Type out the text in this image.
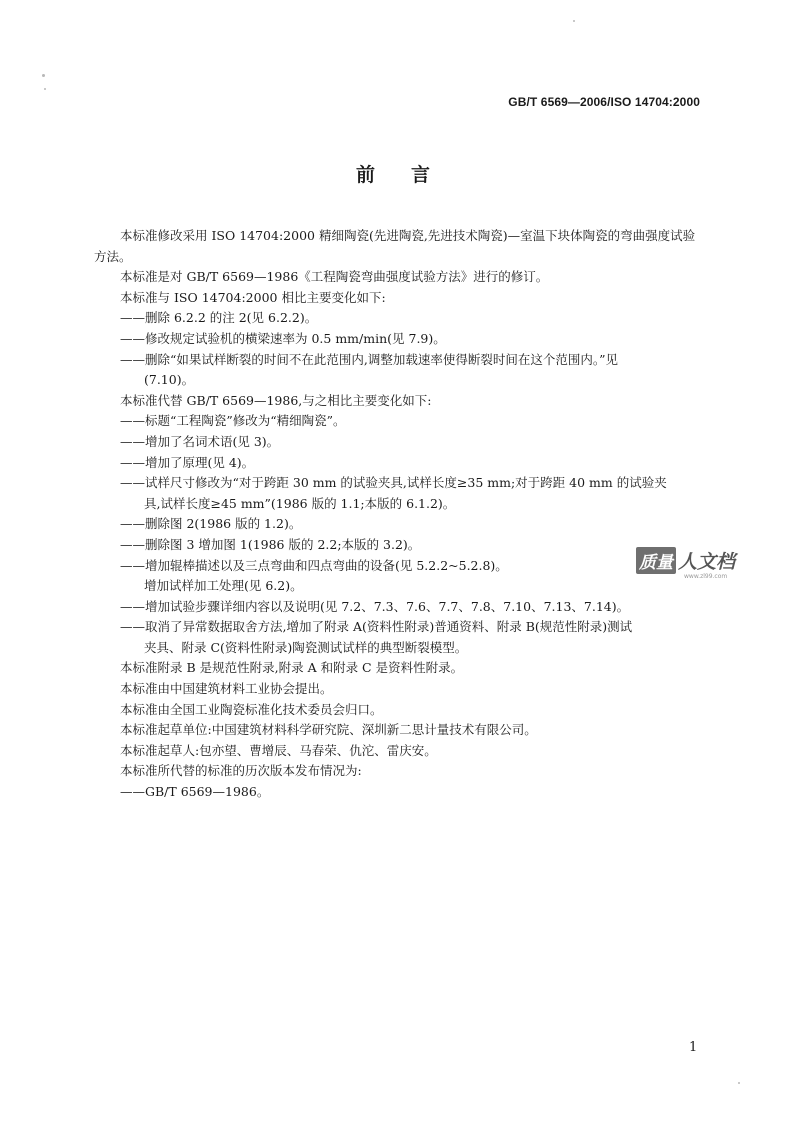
GB/T 6569—2006/ISO 14704:2000
前 言

本标准修改采用 ISO 14704:2000 精细陶瓷(先进陶瓷,先进技术陶瓷)—室温下块体陶瓷的弯曲强度试验方法。

本标准是对 GB/T 6569—1986《工程陶瓷弯曲强度试验方法》进行的修订。

本标准与 ISO 14704:2000 相比主要变化如下:

——删除 6.2.2 的注 2(见 6.2.2)。

——修改规定试验机的横梁速率为 0.5 mm/min(见 7.9)。

——删除“如果试样断裂的时间不在此范围内,调整加载速率使得断裂时间在这个范围内。”见
(7.10)。

本标准代替 GB/T 6569—1986,与之相比主要变化如下:

——标题“工程陶瓷”修改为“精细陶瓷”。

——增加了名词术语(见 3)。

——增加了原理(见 4)。

——试样尺寸修改为“对于跨距 30 mm 的试验夹具,试样长度≥35 mm;对于跨距 40 mm 的试验夹
具,试样长度≥45 mm”(1986 版的 1.1;本版的 6.1.2)。

——删除图 2(1986 版的 1.2)。

——删除图 3 增加图 1(1986 版的 2.2;本版的 3.2)。

——增加辊棒描述以及三点弯曲和四点弯曲的设备(见 5.2.2~5.2.8)。

增加试样加工处理(见 6.2)。

——增加试验步骤详细内容以及说明(见 7.2、7.3、7.6、7.7、7.8、7.10、7.13、7.14)。

——取消了异常数据取舍方法,增加了附录 A(资料性附录)普通资料、附录 B(规范性附录)测试
夹具、附录 C(资料性附录)陶瓷测试试样的典型断裂模型。

本标准附录 B 是规范性附录,附录 A 和附录 C 是资料性附录。

本标准由中国建筑材料工业协会提出。

本标准由全国工业陶瓷标准化技术委员会归口。

本标准起草单位:中国建筑材料科学研究院、深圳新二思计量技术有限公司。

本标准起草人:包亦望、曹增辰、马春荣、仇沱、雷庆安。

本标准所代替的标准的历次版本发布情况为:

——GB/T 6569—1986。

质量 人文档
www.zl99.com
1
